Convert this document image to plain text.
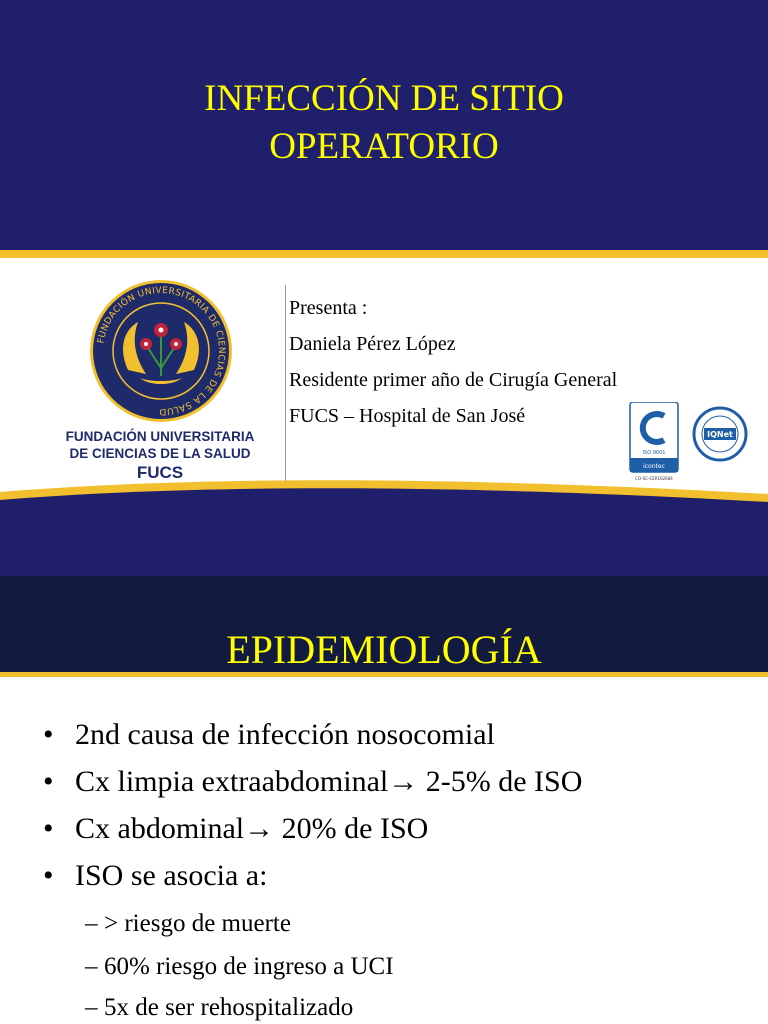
INFECCIÓN DE SITIO
OPERATORIO
FUNDACIÓN UNIVERSITARIA DE CIENCIAS DE LA SALUD
FUNDACIÓN UNIVERSITARIA
DE CIENCIAS DE LA SALUD
FUCS
Presenta :
Daniela Pérez López
Residente primer año de Cirugía General
FUCS – Hospital de San José
ISO 9001
icontec
CO-SC-CER162684
IQNet
EPIDEMIOLOGÍA
• 2nd causa de infección nosocomial
• Cx limpia extraabdominal→ 2-5% de ISO
• Cx abdominal→ 20% de ISO
• ISO se asocia a:
– > riesgo de muerte
– 60% riesgo de ingreso a UCI
– 5x de ser rehospitalizado
